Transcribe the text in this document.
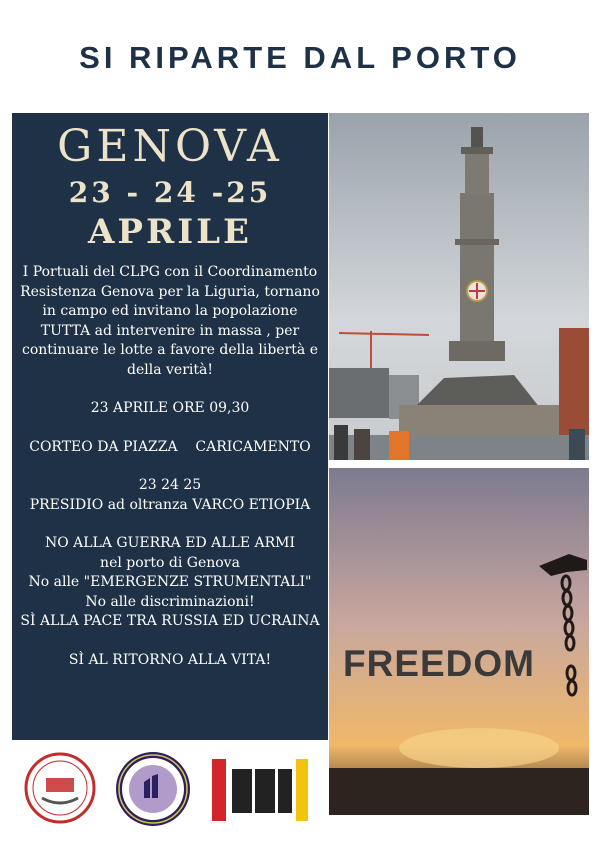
SI RIPARTE DAL PORTO
GENOVA
23 - 24 -25
APRILE

I Portuali del CLPG con il Coordinamento Resistenza Genova per la Liguria, tornano in campo ed invitano la popolazione TUTTA ad intervenire in massa , per continuare le lotte a favore della libertà e della verità!

23 APRILE ORE 09,30

CORTEO DA PIAZZA    CARICAMENTO

23 24 25
PRESIDIO ad oltranza VARCO ETIOPIA

NO ALLA GUERRA ED ALLE ARMI
nel porto di Genova
No alle "EMERGENZE STRUMENTALI"
No alle discriminazioni!
SÌ ALLA PACE TRA RUSSIA ED UCRAINA

SÌ AL RITORNO ALLA VITA!	FREEDOM
